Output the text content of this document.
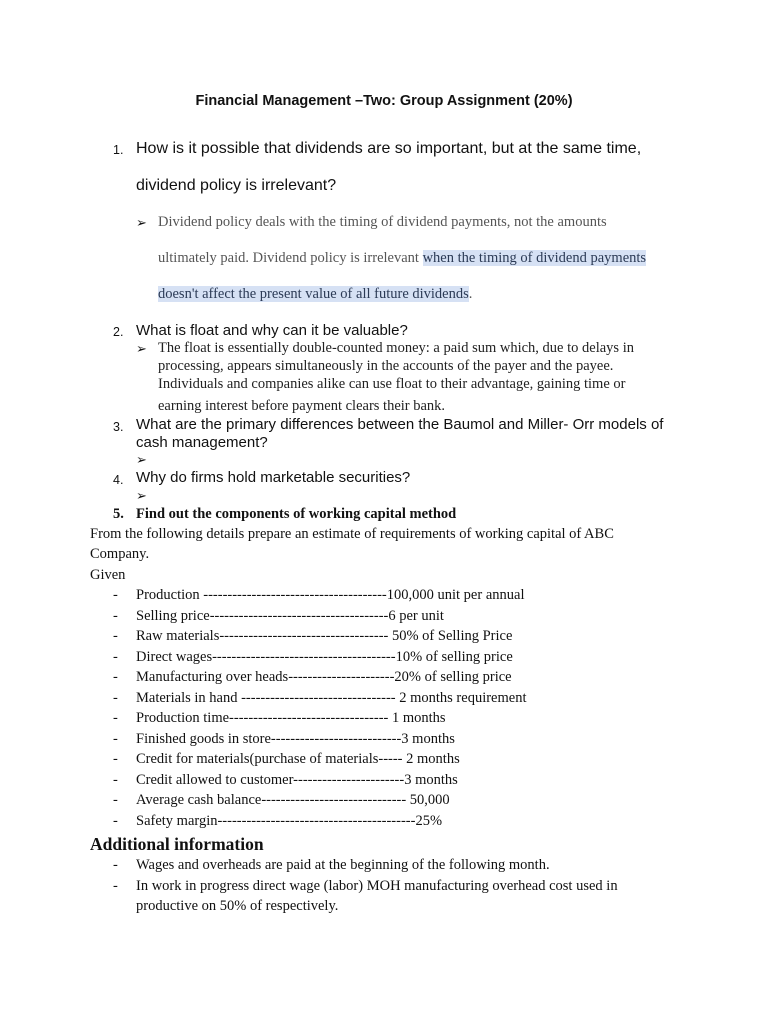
Financial Management –Two: Group Assignment (20%)
1. How is it possible that dividends are so important, but at the same time,
dividend policy is irrelevant?
➢ Dividend policy deals with the timing of dividend payments, not the amounts
ultimately paid. Dividend policy is irrelevant when the timing of dividend payments
doesn't affect the present value of all future dividends.
2. What is float and why can it be valuable?
➢ The float is essentially double-counted money: a paid sum which, due to delays in
processing, appears simultaneously in the accounts of the payer and the payee.
Individuals and companies alike can use float to their advantage, gaining time or
earning interest before payment clears their bank.
3. What are the primary differences between the Baumol and Miller- Orr models of
cash management?
➢
4. Why do firms hold marketable securities?
➢
5. Find out the components of working capital method
From the following details prepare an estimate of requirements of working capital of ABC
Company.
Given
- Production --------------------------------------100,000 unit per annual
- Selling price-------------------------------------6 per unit
- Raw materials----------------------------------- 50% of Selling Price
- Direct wages--------------------------------------10% of selling price
- Manufacturing over heads----------------------20% of selling price
- Materials in hand -------------------------------- 2 months requirement
- Production time--------------------------------- 1 months
- Finished goods in store---------------------------3 months
- Credit for materials(purchase of materials----- 2 months
- Credit allowed to customer-----------------------3 months
- Average cash balance------------------------------ 50,000
- Safety margin-----------------------------------------25%
Additional information
- Wages and overheads are paid at the beginning of the following month.
- In work in progress direct wage (labor) MOH manufacturing overhead cost used in
productive on 50% of respectively.
